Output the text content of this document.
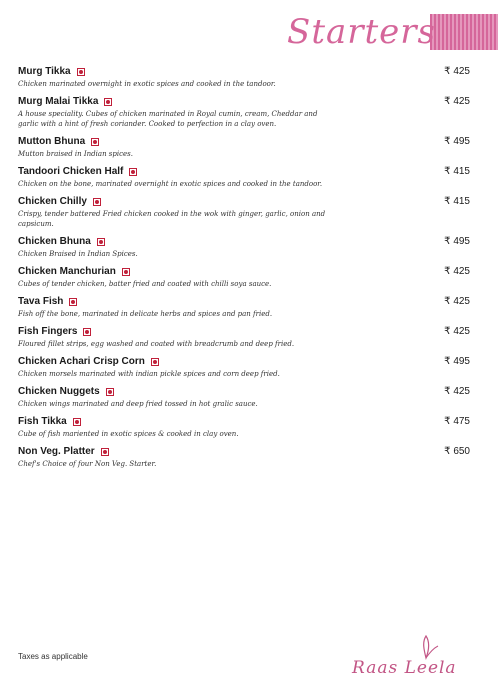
Starters
Murg Tikka	₹ 425
Chicken marinated overnight in exotic spices and cooked in the tandoor.
Murg Malai Tikka	₹ 425
A house speciality. Cubes of chicken marinated in Royal cumin, cream, Cheddar and garlic with a hint of fresh coriander. Cooked to perfection in a clay oven.
Mutton Bhuna	₹ 495
Mutton braised in Indian spices.
Tandoori Chicken Half	₹ 415
Chicken on the bone, marinated overnight in exotic spices and cooked in the tandoor.
Chicken Chilly	₹ 415
Crispy, tender battered Fried chicken cooked in the wok with ginger, garlic, onion and capsicum.
Chicken Bhuna	₹ 495
Chicken Braised in Indian Spices.
Chicken Manchurian	₹ 425
Cubes of tender chicken, batter fried and coated with chilli soya sauce.
Tava Fish	₹ 425
Fish off the bone, marinated in delicate herbs and spices and pan fried.
Fish Fingers	₹ 425
Floured fillet strips, egg washed and coated with breadcrumb and deep fried.
Chicken Achari Crisp Corn	₹ 495
Chicken morsels marinated with indian pickle spices and corn deep fried.
Chicken Nuggets	₹ 425
Chicken wings marinated and deep fried tossed in hot gralic sauce.
Fish Tikka	₹ 475
Cube of fish mariented in exotic spices & cooked in clay oven.
Non Veg. Platter	₹ 650
Chef's Choice of four Non Veg. Starter.
Taxes as applicable
Raas Leela
